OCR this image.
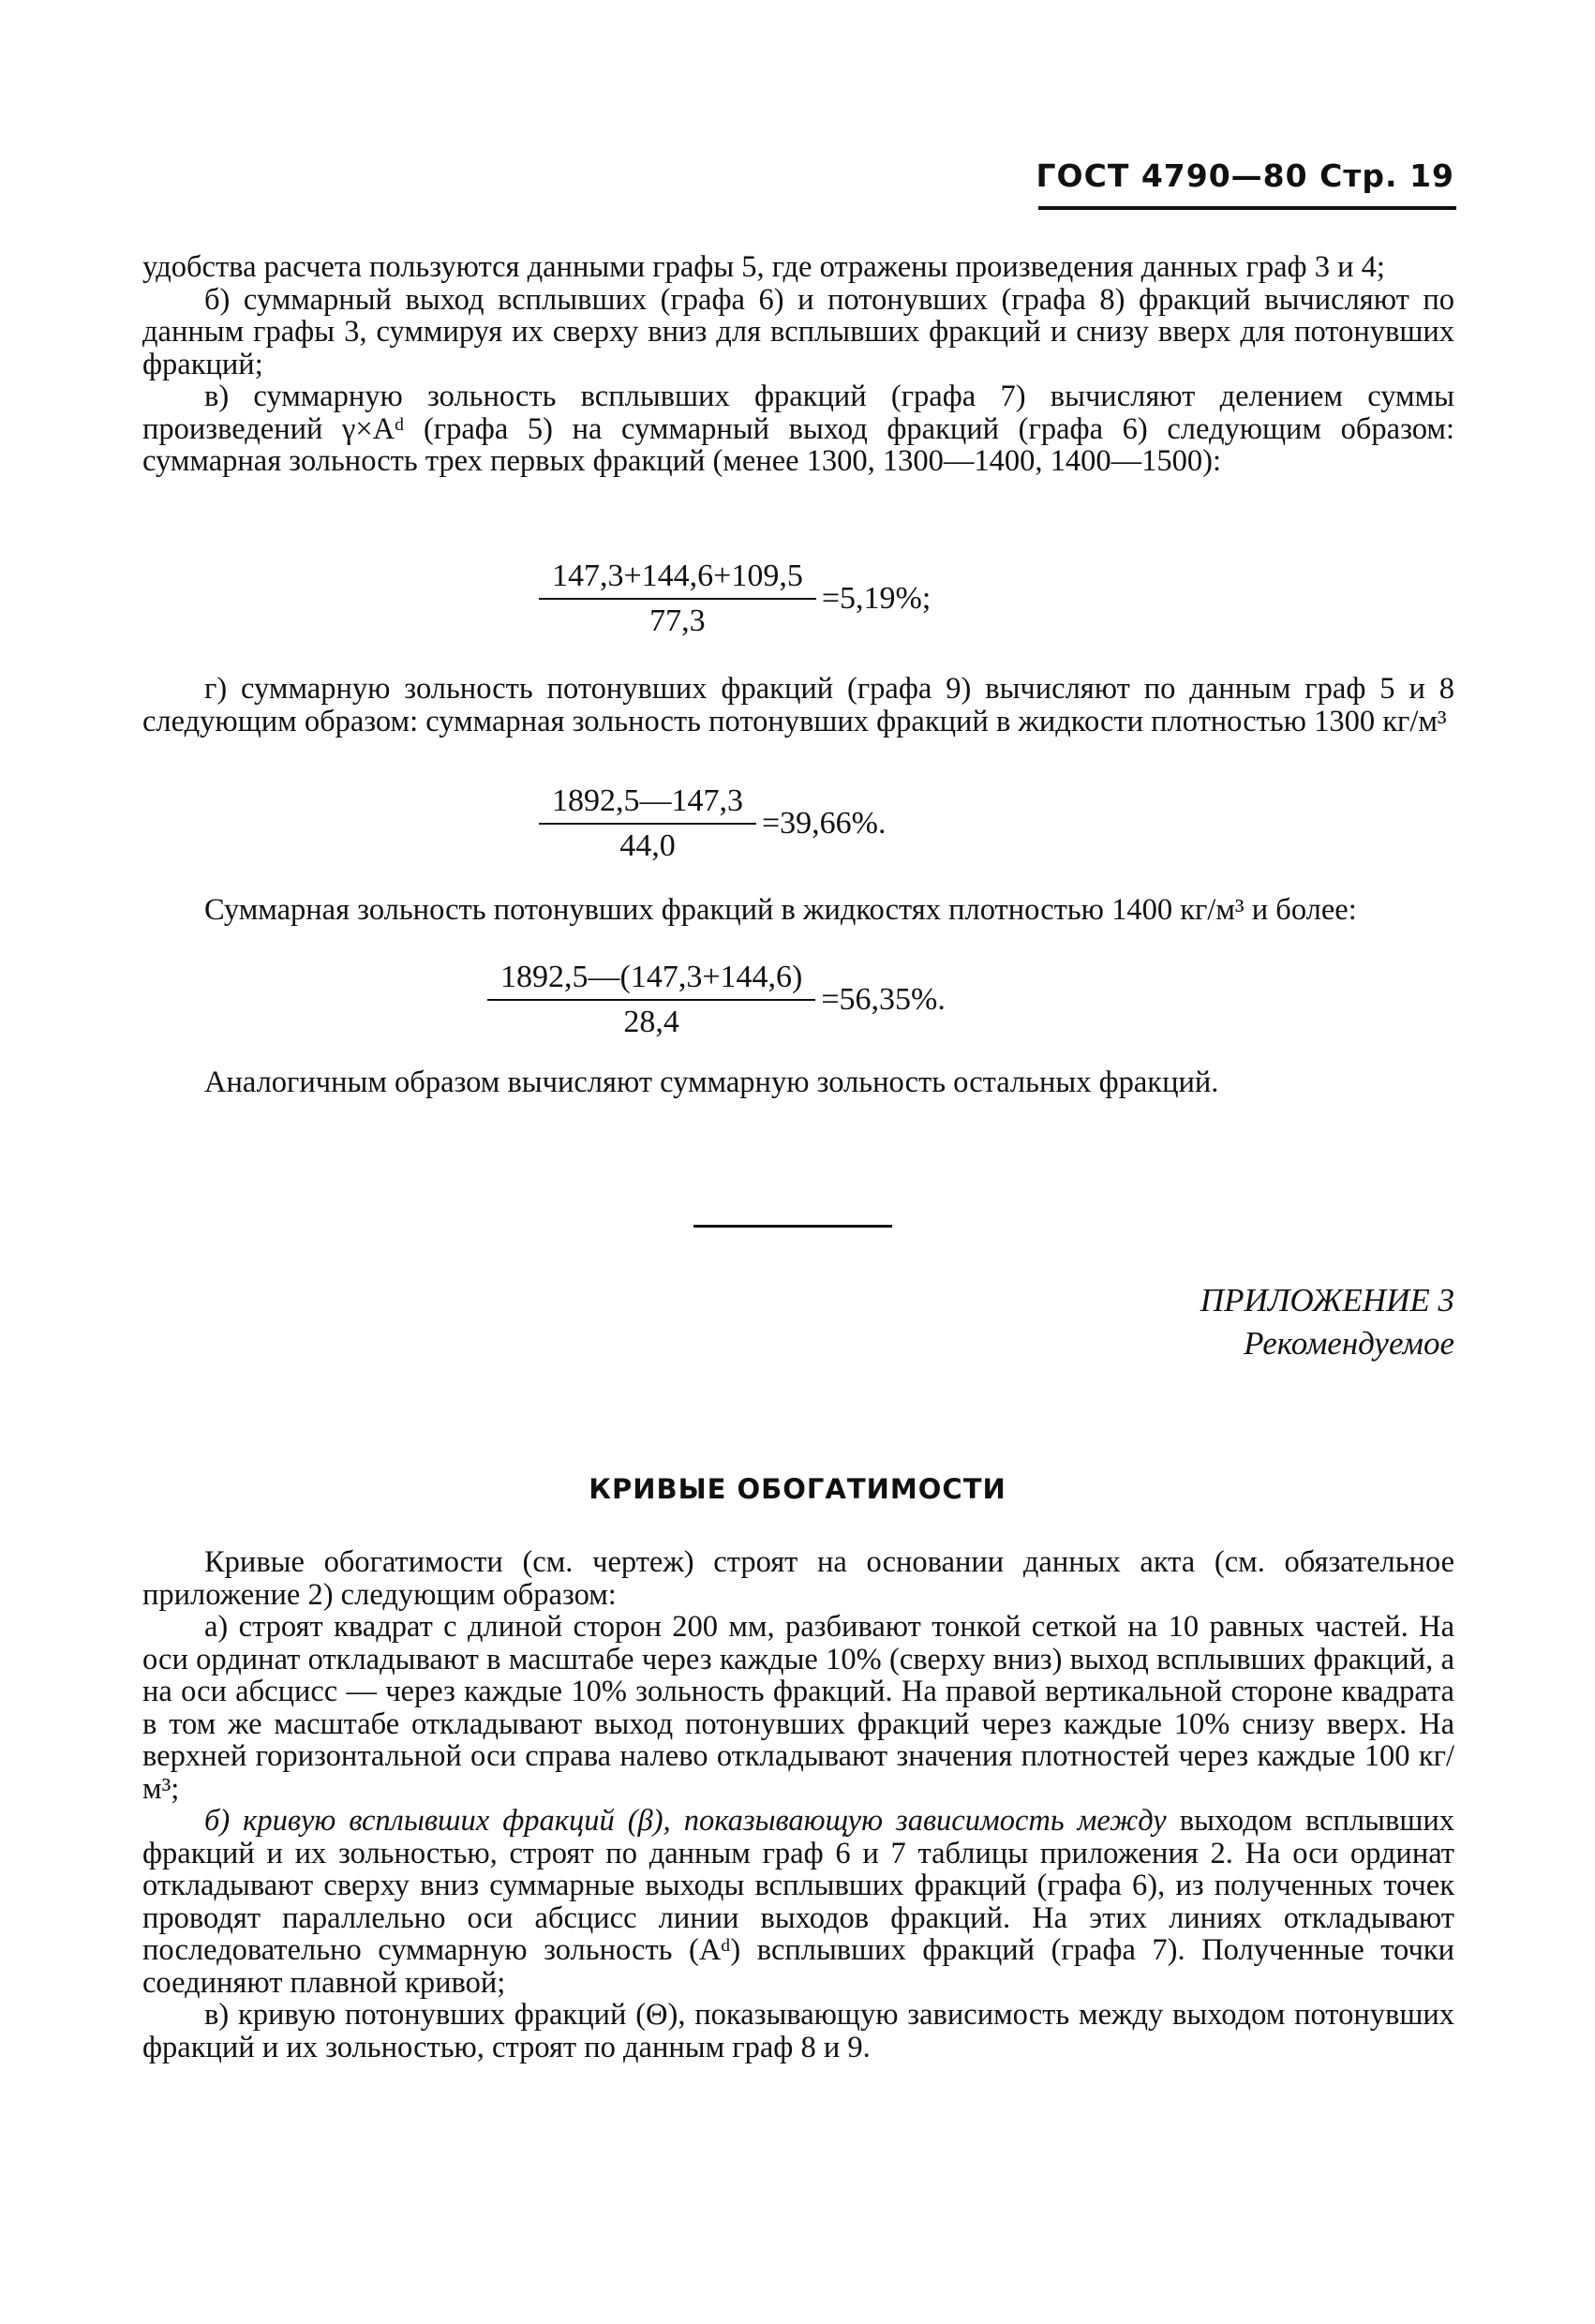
ГОСТ 4790—80 Стр. 19

удобства расчета пользуются данными графы 5, где отражены произведения данных граф 3 и 4;

б) суммарный выход всплывших (графа 6) и потонувших (графа 8) фракций вычисляют по данным графы 3, суммируя их сверху вниз для всплывших фракций и снизу вверх для потонувших фракций;

в) суммарную зольность всплывших фракций (графа 7) вычисляют делением суммы произведений γ×Aᵈ (графа 5) на суммарный выход фракций (графа 6) следующим образом: суммарная зольность трех первых фракций (менее 1300, 1300—1400, 1400—1500):

$\frac{147,3+144,6+109,5}{77,3} =5,19\%$;
г) суммарную зольность потонувших фракций (графа 9) вычисляют по данным граф 5 и 8 следующим образом: суммарная зольность потонувших фракций в жидкости плотностью 1300 кг/м³
$\frac{1892,5—147,3}{44,0} =39,66\%$.
Суммарная зольность потонувших фракций в жидкостях плотностью 1400 кг/м³ и более:
$\frac{1892,5—(147,3+144,6)}{28,4} =56,35\%$.
Аналогичным образом вычисляют суммарную зольность остальных фракций.
ПРИЛОЖЕНИЕ 3
Рекомендуемое
КРИВЫЕ ОБОГАТИМОСТИ

Кривые обогатимости (см. чертеж) строят на основании данных акта (см. обязательное приложение 2) следующим образом:

а) строят квадрат с длиной сторон 200 мм, разбивают тонкой сеткой на 10 равных частей. На оси ординат откладывают в масштабе через каждые 10% (сверху вниз) выход всплывших фракций, а на оси абсцисс — через каждые 10% зольность фракций. На правой вертикальной стороне квадрата в том же масштабе откладывают выход потонувших фракций через каждые 10% снизу вверх. На верхней горизонтальной оси справа налево откладывают значения плотностей через каждые 100 кг/м³;

б) кривую всплывших фракций (β), показывающую зависимость между выходом всплывших фракций и их зольностью, строят по данным граф 6 и 7 таблицы приложения 2. На оси ординат откладывают сверху вниз суммарные выходы всплывших фракций (графа 6), из полученных точек проводят параллельно оси абсцисс линии выходов фракций. На этих линиях откладывают последовательно суммарную зольность (Aᵈ) всплывших фракций (графа 7). Полученные точки соединяют плавной кривой;

в) кривую потонувших фракций (Θ), показывающую зависимость между выходом потонувших фракций и их зольностью, строят по данным граф 8 и 9.
